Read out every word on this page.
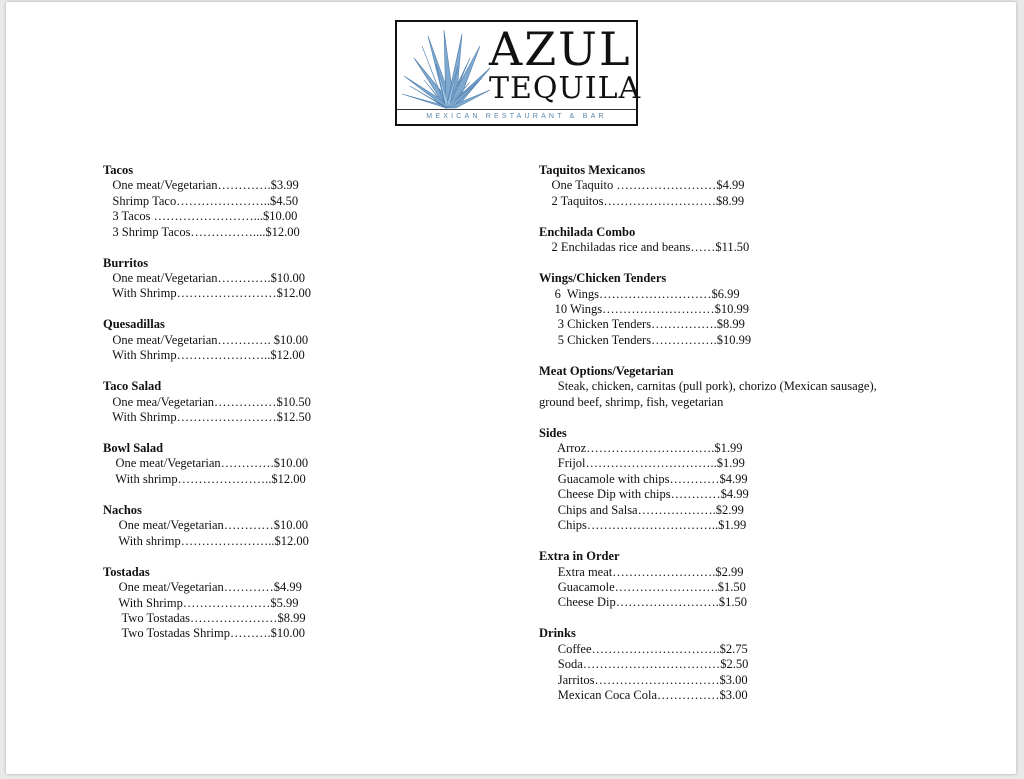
AZUL
TEQUILA
MEXICAN RESTAURANT & BAR
Tacos
One meat/Vegetarian………….$3.99
Shrimp Taco…………………..$4.50
3 Tacos ……………………...$10.00
3 Shrimp Tacos……………....$12.00
Burritos
One meat/Vegetarian………….$10.00
With Shrimp……………………$12.00
Quesadillas
One meat/Vegetarian…………. $10.00
With Shrimp…………………..$12.00
Taco Salad
One mea/Vegetarian……………$10.50
With Shrimp……………………$12.50
Bowl Salad
One meat/Vegetarian………….$10.00
With shrimp…………………..$12.00
Nachos
One meat/Vegetarian…………$10.00
With shrimp…………………..$12.00
Tostadas
One meat/Vegetarian…………$4.99
With Shrimp…………………$5.99
Two Tostadas…………………$8.99
Two Tostadas Shrimp……….$10.00
Taquitos Mexicanos
One Taquito ……………………$4.99
2 Taquitos………………………$8.99
Enchilada Combo
2 Enchiladas rice and beans……$11.50
Wings/Chicken Tenders
6  Wings………………………$6.99
10 Wings………………………$10.99
3 Chicken Tenders…………….$8.99
5 Chicken Tenders…………….$10.99
Meat Options/Vegetarian
Steak, chicken, carnitas (pull pork), chorizo (Mexican sausage),
ground beef, shrimp, fish, vegetarian
Sides
Arroz………………………….$1.99
Frijol…………………………..$1.99
Guacamole with chips…………$4.99
Cheese Dip with chips…………$4.99
Chips and Salsa……………….$2.99
Chips…………………………..$1.99
Extra in Order
Extra meat…………………….$2.99
Guacamole…………………….$1.50
Cheese Dip…………………….$1.50
Drinks
Coffee………………………….$2.75
Soda……………………………$2.50
Jarritos…………………………$3.00
Mexican Coca Cola……………$3.00
